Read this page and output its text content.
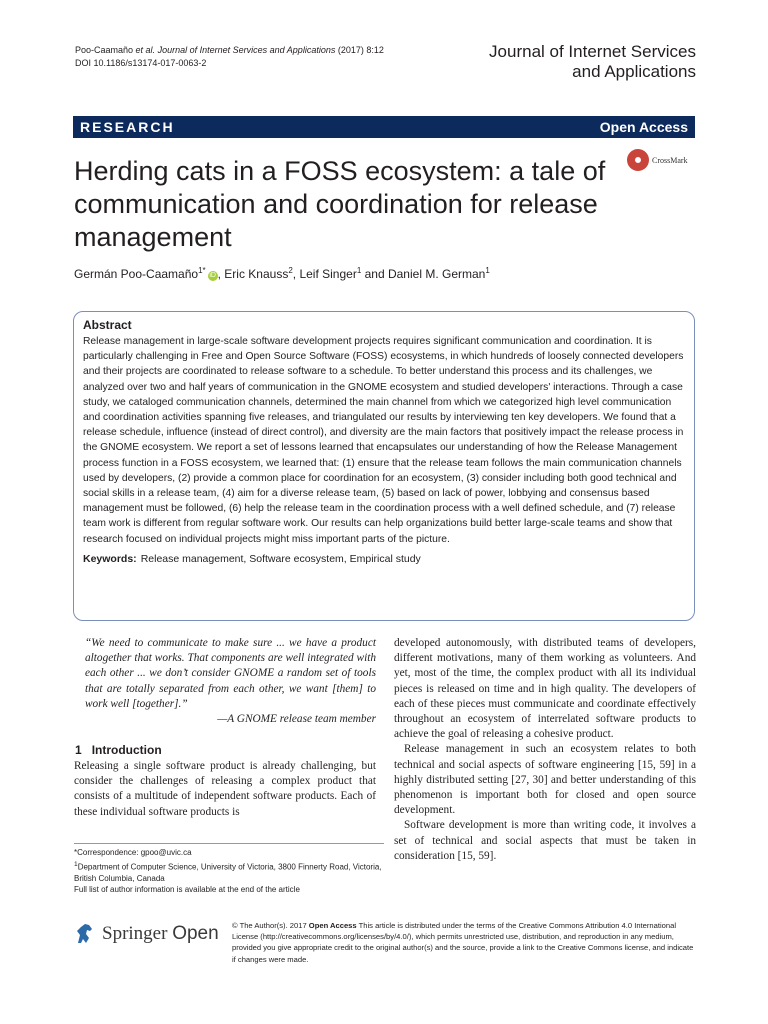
Poo-Caamaño et al. Journal of Internet Services and Applications (2017) 8:12
DOI 10.1186/s13174-017-0063-2
Journal of Internet Services
and Applications
RESEARCH	Open Access
Herding cats in a FOSS ecosystem: a tale of communication and coordination for release management
CrossMark
Germán Poo-Caamaño$^{1*}$iD , Eric Knauss$^2$, Leif Singer$^1$ and Daniel M. German$^1$
Abstract
Release management in large-scale software development projects requires significant communication and coordination. It is particularly challenging in Free and Open Source Software (FOSS) ecosystems, in which hundreds of loosely connected developers and their projects are coordinated to release software to a schedule. To better understand this process and its challenges, we analyzed over two and half years of communication in the GNOME ecosystem and studied developers' interactions. Through a case study, we cataloged communication channels, determined the main channel from which we categorized high level communication and coordination activities spanning five releases, and triangulated our results by interviewing ten key developers. We found that a release schedule, influence (instead of direct control), and diversity are the main factors that positively impact the release process in the GNOME ecosystem. We report a set of lessons learned that encapsulates our understanding of how the Release Management process function in a FOSS ecosystem, we learned that: (1) ensure that the release team follows the main communication channels used by developers, (2) provide a common place for coordination for an ecosystem, (3) consider including both good technical and social skills in a release team, (4) aim for a diverse release team, (5) based on lack of power, lobbying and consensus based management must be followed, (6) help the release team in the coordination process with a well defined schedule, and (7) release team work is different from regular software work. Our results can help organizations build better large-scale teams and show that research focused on individual projects might miss important parts of the picture.
Keywords: Release management, Software ecosystem, Empirical study
“We need to communicate to make sure ... we have a product altogether that works. That components are well integrated with each other ... we don’t consider GNOME a random set of tools that are totally separated from each other, we want [them] to work well [together].”
—A GNOME release team member
1 Introduction
Releasing a single software product is already challenging, but consider the challenges of releasing a complex product that consists of a multitude of independent software products. Each of these individual software products is
*Correspondence: gpoo@uvic.ca
$^1$Department of Computer Science, University of Victoria, 3800 Finnerty Road, Victoria, British Columbia, Canada
Full list of author information is available at the end of the article

developed autonomously, with distributed teams of developers, different motivations, many of them working as volunteers. And yet, most of the time, the complex product with all its individual pieces is released on time and in high quality. The developers of each of these pieces must communicate and coordinate effectively throughout an ecosystem of interrelated software products to achieve the goal of releasing a cohesive product.

Release management in such an ecosystem relates to both technical and social aspects of software engineering [15, 59] in a highly distributed setting [27, 30] and better understanding of this phenomenon is important both for closed and open source development.

Software development is more than writing code, it involves a set of technical and social aspects that must be taken in consideration [15, 59].

Springer Open © The Author(s). 2017 Open Access This article is distributed under the terms of the Creative Commons Attribution 4.0 International License (http://creativecommons.org/licenses/by/4.0/), which permits unrestricted use, distribution, and reproduction in any medium, provided you give appropriate credit to the original author(s) and the source, provide a link to the Creative Commons license, and indicate if changes were made.
